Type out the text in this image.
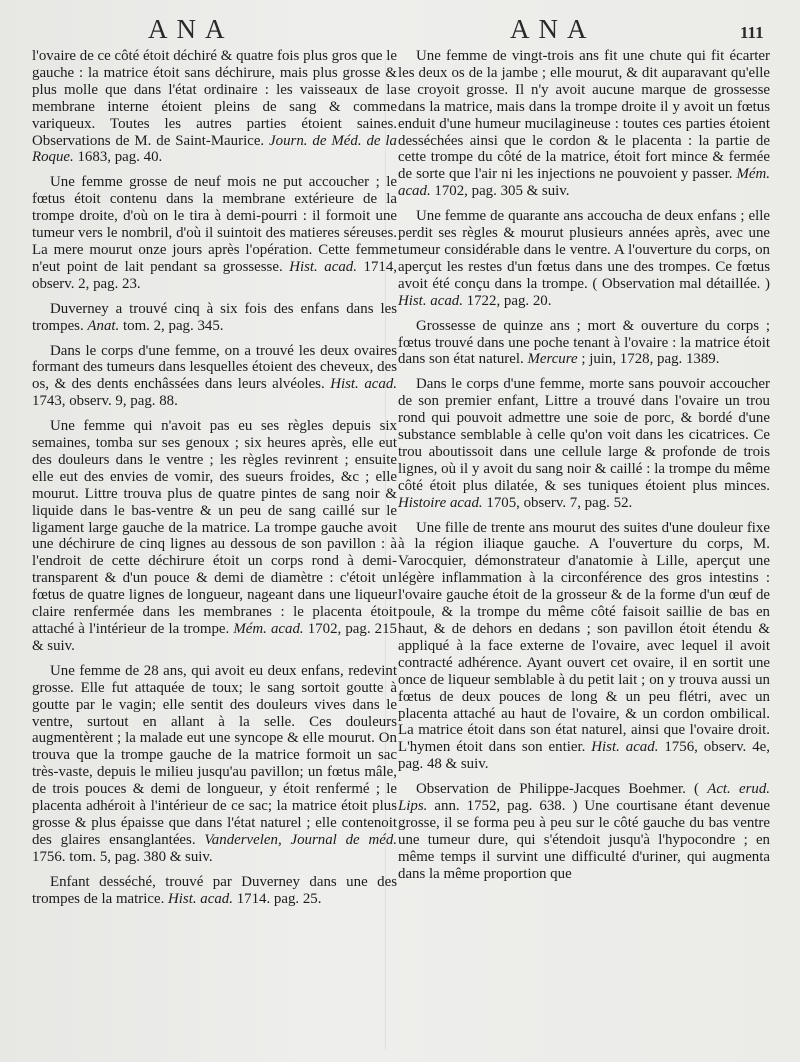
ANA	ANA	111

l'ovaire de ce côté étoit déchiré & quatre fois plus gros que le gauche : la matrice étoit sans déchirure, mais plus grosse & plus molle que dans l'état ordinaire : les vaisseaux de la membrane interne étoient pleins de sang & comme variqueux. Toutes les autres parties étoient saines. Observations de M. de Saint-Maurice. Journ. de Méd. de la Roque. 1683, pag. 40.

Une femme grosse de neuf mois ne put accoucher ; le fœtus étoit contenu dans la membrane extérieure de la trompe droite, d'où on le tira à demi-pourri : il formoit une tumeur vers le nombril, d'où il suintoit des matieres séreuses. La mere mourut onze jours après l'opération. Cette femme n'eut point de lait pendant sa grossesse. Hist. acad. 1714, observ. 2, pag. 23.

Duverney a trouvé cinq à six fois des enfans dans les trompes. Anat. tom. 2, pag. 345.

Dans le corps d'une femme, on a trouvé les deux ovaires formant des tumeurs dans lesquelles étoient des cheveux, des os, & des dents enchâssées dans leurs alvéoles. Hist. acad. 1743, observ. 9, pag. 88.

Une femme qui n'avoit pas eu ses règles depuis six semaines, tomba sur ses genoux ; six heures après, elle eut des douleurs dans le ventre ; les règles revinrent ; ensuite elle eut des envies de vomir, des sueurs froides, &c ; elle mourut. Littre trouva plus de quatre pintes de sang noir & liquide dans le bas-ventre & un peu de sang caillé sur le ligament large gauche de la matrice. La trompe gauche avoit une déchirure de cinq lignes au dessous de son pavillon : à l'endroit de cette déchirure étoit un corps rond à demi-transparent & d'un pouce & demi de diamètre : c'étoit un fœtus de quatre lignes de longueur, nageant dans une liqueur claire renfermée dans les membranes : le placenta étoit attaché à l'intérieur de la trompe. Mém. acad. 1702, pag. 215 & suiv.

Une femme de 28 ans, qui avoit eu deux enfans, redevint grosse. Elle fut attaquée de toux; le sang sortoit goutte à goutte par le vagin; elle sentit des douleurs vives dans le ventre, surtout en allant à la selle. Ces douleurs augmentèrent ; la malade eut une syncope & elle mourut. On trouva que la trompe gauche de la matrice formoit un sac très-vaste, depuis le milieu jusqu'au pavillon; un fœtus mâle, de trois pouces & demi de longueur, y étoit renfermé ; le placenta adhéroit à l'intérieur de ce sac; la matrice étoit plus grosse & plus épaisse que dans l'état naturel ; elle contenoit des glaires ensanglantées. Vandervelen, Journal de méd. 1756. tom. 5, pag. 380 & suiv.

Enfant desséché, trouvé par Duverney dans une des trompes de la matrice. Hist. acad. 1714. pag. 25.

Une femme de vingt-trois ans fit une chute qui fit écarter les deux os de la jambe ; elle mourut, & dit auparavant qu'elle se croyoit grosse. Il n'y avoit aucune marque de grossesse dans la matrice, mais dans la trompe droite il y avoit un fœtus enduit d'une humeur mucilagineuse : toutes ces parties étoient desséchées ainsi que le cordon & le placenta : la partie de cette trompe du côté de la matrice, étoit fort mince & fermée de sorte que l'air ni les injections ne pouvoient y passer. Mém. acad. 1702, pag. 305 & suiv.

Une femme de quarante ans accoucha de deux enfans ; elle perdit ses règles & mourut plusieurs années après, avec une tumeur considérable dans le ventre. A l'ouverture du corps, on aperçut les restes d'un fœtus dans une des trompes. Ce fœtus avoit été conçu dans la trompe. ( Observation mal détaillée. ) Hist. acad. 1722, pag. 20.

Grossesse de quinze ans ; mort & ouverture du corps ; fœtus trouvé dans une poche tenant à l'ovaire : la matrice étoit dans son état naturel. Mercure ; juin, 1728, pag. 1389.

Dans le corps d'une femme, morte sans pouvoir accoucher de son premier enfant, Littre a trouvé dans l'ovaire un trou rond qui pouvoit admettre une soie de porc, & bordé d'une substance semblable à celle qu'on voit dans les cicatrices. Ce trou aboutissoit dans une cellule large & profonde de trois lignes, où il y avoit du sang noir & caillé : la trompe du même côté étoit plus dilatée, & ses tuniques étoient plus minces. Histoire acad. 1705, observ. 7, pag. 52.

Une fille de trente ans mourut des suites d'une douleur fixe à la région iliaque gauche. A l'ouverture du corps, M. Varocquier, démonstrateur d'anatomie à Lille, aperçut une légère inflammation à la circonférence des gros intestins : l'ovaire gauche étoit de la grosseur & de la forme d'un œuf de poule, & la trompe du même côté faisoit saillie de bas en haut, & de dehors en dedans ; son pavillon étoit étendu & appliqué à la face externe de l'ovaire, avec lequel il avoit contracté adhérence. Ayant ouvert cet ovaire, il en sortit une once de liqueur semblable à du petit lait ; on y trouva aussi un fœtus de deux pouces de long & un peu flétri, avec un placenta attaché au haut de l'ovaire, & un cordon ombilical. La matrice étoit dans son état naturel, ainsi que l'ovaire droit. L'hymen étoit dans son entier. Hist. acad. 1756, observ. 4e, pag. 48 & suiv.

Observation de Philippe-Jacques Boehmer. ( Act. erud. Lips. ann. 1752, pag. 638. ) Une courtisane étant devenue grosse, il se forma peu à peu sur le côté gauche du bas ventre une tumeur dure, qui s'étendoit jusqu'à l'hypocondre ; en même temps il survint une difficulté d'uriner, qui augmenta dans la même proportion que
